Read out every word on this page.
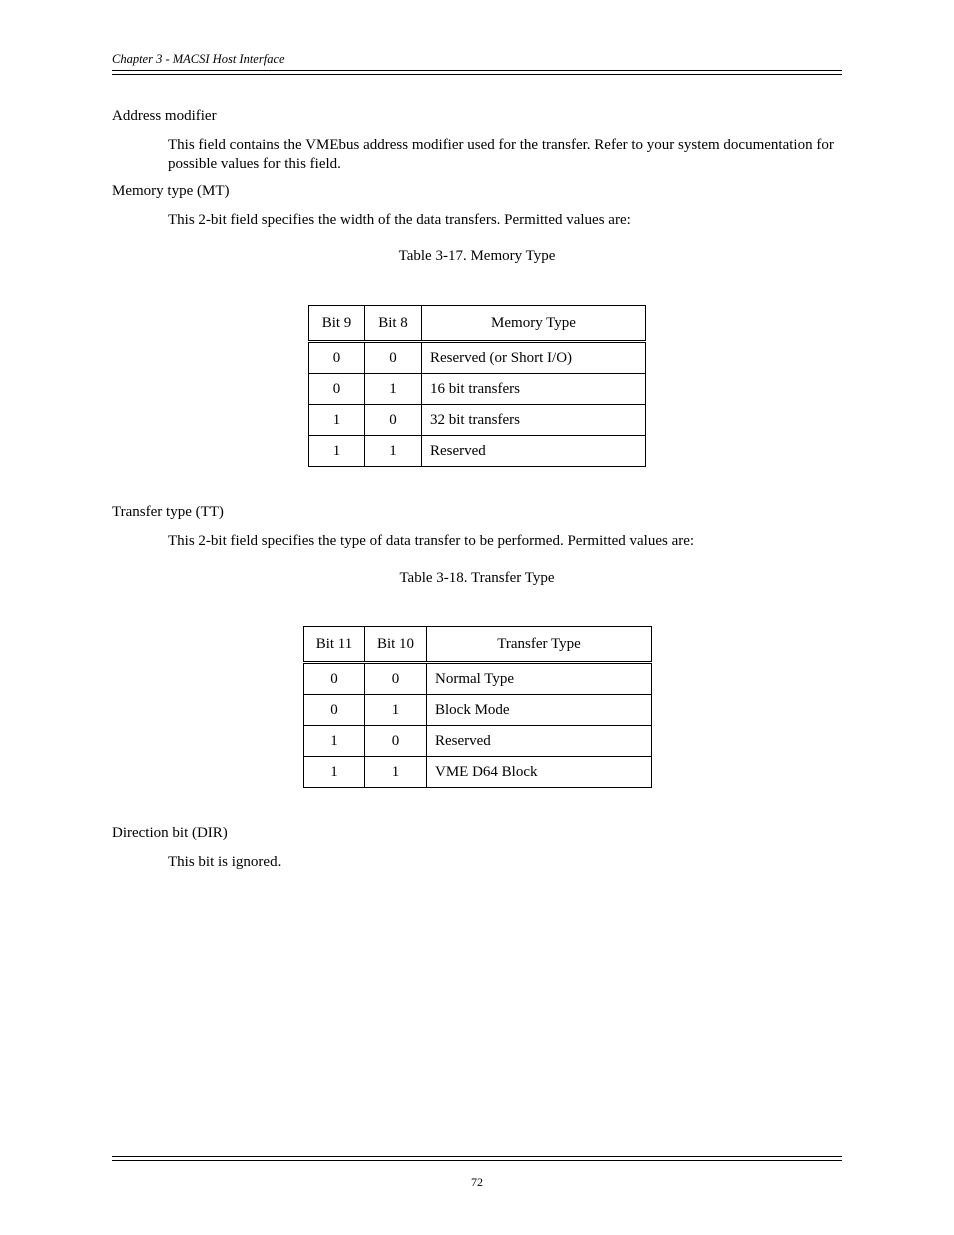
Chapter 3 - MACSI Host Interface
Address modifier
This field contains the VMEbus address modifier used for the transfer. Refer to your system documentation for possible values for this field.
Memory type (MT)
This 2-bit field specifies the width of the data transfers. Permitted values are:
Table 3-17. Memory Type
Bit 9	Bit 8	Memory Type
0	0	Reserved (or Short I/O)
0	1	16 bit transfers
1	0	32 bit transfers
1	1	Reserved
Transfer type (TT)
This 2-bit field specifies the type of data transfer to be performed. Permitted values are:
Table 3-18. Transfer Type
Bit 11	Bit 10	Transfer Type
0	0	Normal Type
0	1	Block Mode
1	0	Reserved
1	1	VME D64 Block
Direction bit (DIR)
This bit is ignored.
72
